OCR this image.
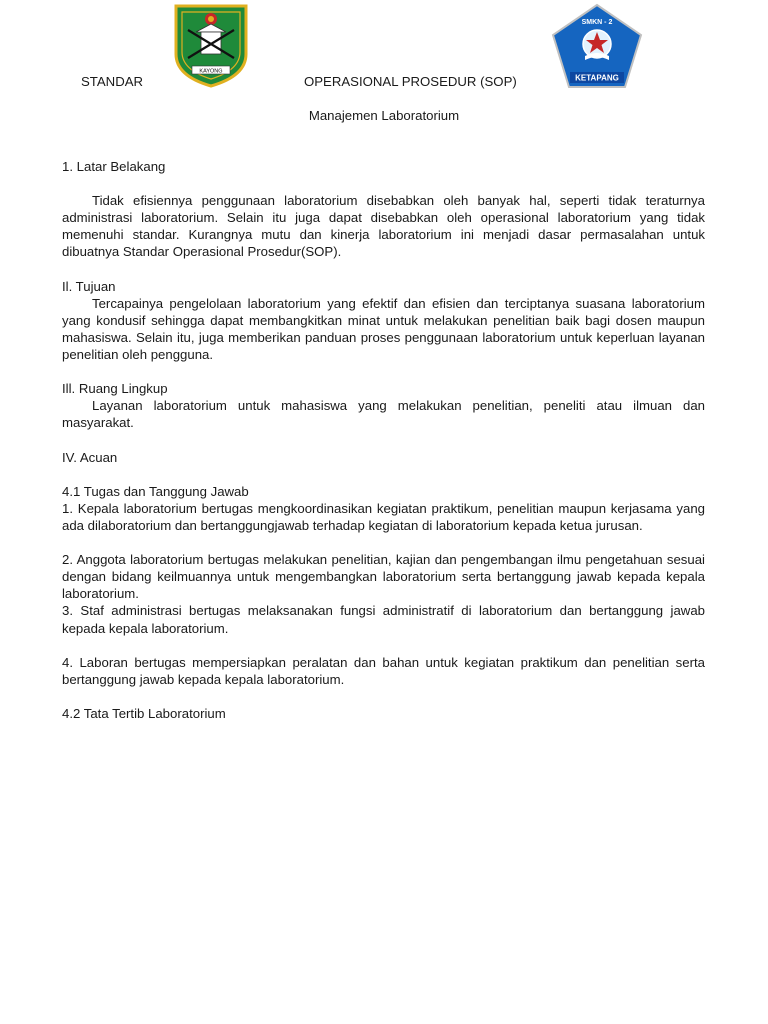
KAYONG
SMKN - 2
KETAPANG
STANDAR	OPERASIONAL PROSEDUR (SOP)
Manajemen Laboratorium

1. Latar Belakang

Tidak efisiennya penggunaan laboratorium disebabkan oleh banyak hal, seperti tidak teraturnya administrasi laboratorium. Selain itu juga dapat disebabkan oleh operasional laboratorium yang tidak memenuhi standar. Kurangnya mutu dan kinerja laboratorium ini menjadi dasar permasalahan untuk dibuatnya Standar Operasional Prosedur(SOP).

Il. Tujuan

Tercapainya pengelolaan laboratorium yang efektif dan efisien dan terciptanya suasana laboratorium yang kondusif sehingga dapat membangkitkan minat untuk melakukan penelitian baik bagi dosen maupun mahasiswa. Selain itu, juga memberikan panduan proses penggunaan laboratorium untuk keperluan layanan penelitian oleh pengguna.

Ill. Ruang Lingkup

Layanan laboratorium untuk mahasiswa yang melakukan penelitian, peneliti atau ilmuan dan masyarakat.

IV. Acuan

4.1 Tugas dan Tanggung Jawab

1. Kepala laboratorium bertugas mengkoordinasikan kegiatan praktikum, penelitian maupun kerjasama yang ada dilaboratorium dan bertanggungjawab terhadap kegiatan di laboratorium kepada ketua jurusan.

2. Anggota laboratorium bertugas melakukan penelitian, kajian dan pengembangan ilmu pengetahuan sesuai dengan bidang keilmuannya untuk mengembangkan laboratorium serta bertanggung jawab kepada kepala laboratorium.

3. Staf administrasi bertugas melaksanakan fungsi administratif di laboratorium dan bertanggung jawab kepada kepala laboratorium.

4. Laboran bertugas mempersiapkan peralatan dan bahan untuk kegiatan praktikum dan penelitian serta bertanggung jawab kepada kepala laboratorium.

4.2 Tata Tertib Laboratorium
